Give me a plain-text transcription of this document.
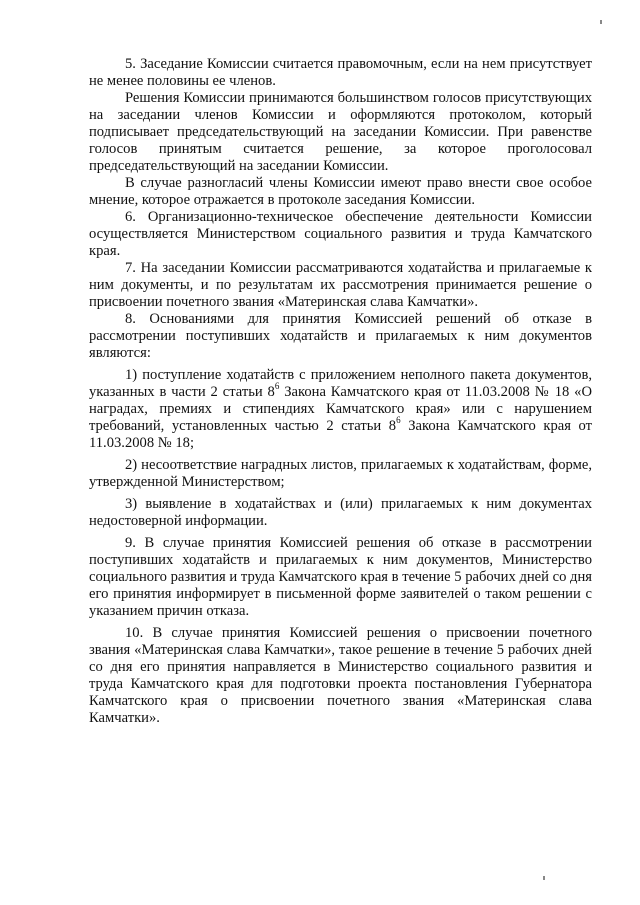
5. Заседание Комиссии считается правомочным, если на нем присутствует не менее половины ее членов.

Решения Комиссии принимаются большинством голосов присутствующих на заседании членов Комиссии и оформляются протоколом, который подписывает председательствующий на заседании Комиссии. При равенстве голосов принятым считается решение, за которое проголосовал председательствующий на заседании Комиссии.

В случае разногласий члены Комиссии имеют право внести свое особое мнение, которое отражается в протоколе заседания Комиссии.

6. Организационно-техническое обеспечение деятельности Комиссии осуществляется Министерством социального развития и труда Камчатского края.

7. На заседании Комиссии рассматриваются ходатайства и прилагаемые к ним документы, и по результатам их рассмотрения принимается решение о присвоении почетного звания «Материнская слава Камчатки».

8. Основаниями для принятия Комиссией решений об отказе в рассмотрении поступивших ходатайств и прилагаемых к ним документов являются:

1) поступление ходатайств с приложением неполного пакета документов, указанных в части 2 статьи $8^6$ Закона Камчатского края от 11.03.2008 № 18 «О наградах, премиях и стипендиях Камчатского края» или с нарушением требований, установленных частью 2 статьи $8^6$ Закона Камчатского края от 11.03.2008 № 18;

2) несоответствие наградных листов, прилагаемых к ходатайствам, форме, утвержденной Министерством;

3) выявление в ходатайствах и (или) прилагаемых к ним документах недостоверной информации.

9. В случае принятия Комиссией решения об отказе в рассмотрении поступивших ходатайств и прилагаемых к ним документов, Министерство социального развития и труда Камчатского края в течение 5 рабочих дней со дня его принятия информирует в письменной форме заявителей о таком решении с указанием причин отказа.

10. В случае принятия Комиссией решения о присвоении почетного звания «Материнская слава Камчатки», такое решение в течение 5 рабочих дней со дня его принятия направляется в Министерство социального развития и труда Камчатского края для подготовки проекта постановления Губернатора Камчатского края о присвоении почетного звания «Материнская слава Камчатки».
